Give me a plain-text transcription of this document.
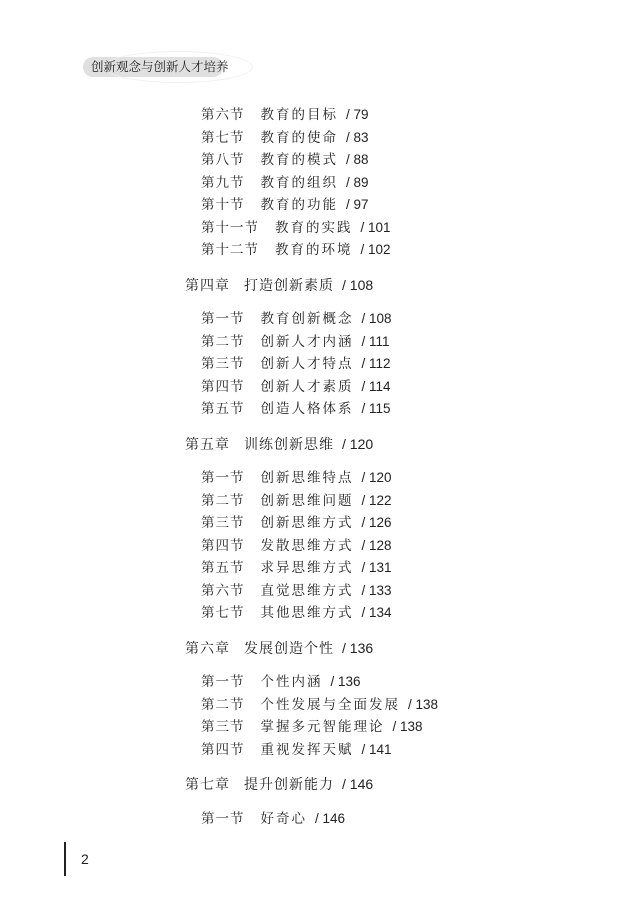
创新观念与创新人才培养
第六节 教育的目标 / 79
第七节 教育的使命 / 83
第八节 教育的模式 / 88
第九节 教育的组织 / 89
第十节 教育的功能 / 97
第十一节 教育的实践 / 101
第十二节 教育的环境 / 102
第四章 打造创新素质 / 108
第一节 教育创新概念 / 108
第二节 创新人才内涵 / 111
第三节 创新人才特点 / 112
第四节 创新人才素质 / 114
第五节 创造人格体系 / 115
第五章 训练创新思维 / 120
第一节 创新思维特点 / 120
第二节 创新思维问题 / 122
第三节 创新思维方式 / 126
第四节 发散思维方式 / 128
第五节 求异思维方式 / 131
第六节 直觉思维方式 / 133
第七节 其他思维方式 / 134
第六章 发展创造个性 / 136
第一节 个性内涵 / 136
第二节 个性发展与全面发展 / 138
第三节 掌握多元智能理论 / 138
第四节 重视发挥天赋 / 141
第七章 提升创新能力 / 146
第一节 好奇心 / 146
2
